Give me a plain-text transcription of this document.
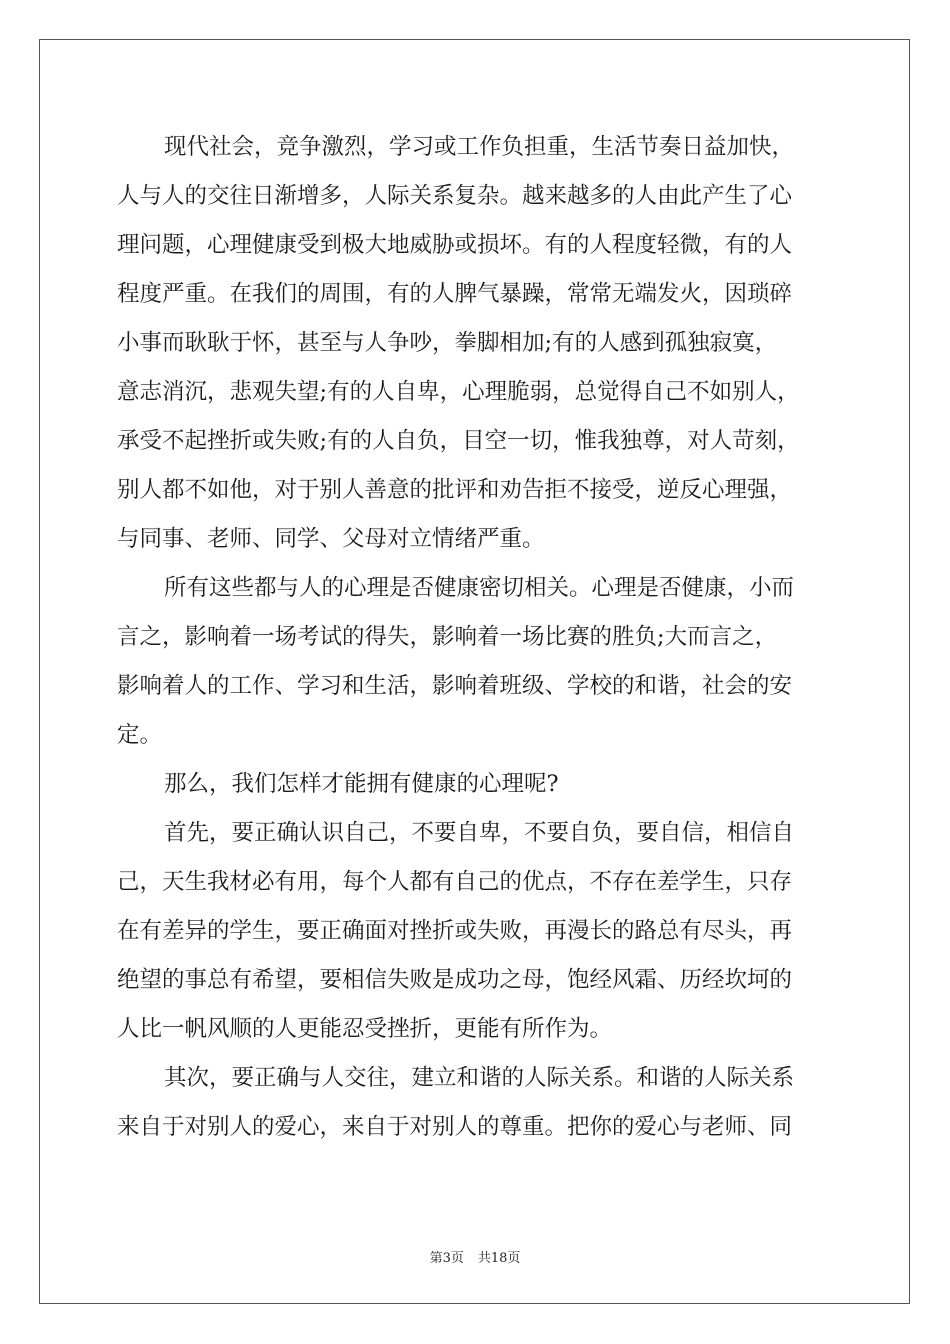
现代社会，竞争激烈，学习或工作负担重，生活节奏日益加快，
人与人的交往日渐增多，人际关系复杂。越来越多的人由此产生了心
理问题，心理健康受到极大地威胁或损坏。有的人程度轻微，有的人
程度严重。在我们的周围，有的人脾气暴躁，常常无端发火，因琐碎
小事而耿耿于怀，甚至与人争吵，拳脚相加;有的人感到孤独寂寞，
意志消沉，悲观失望;有的人自卑，心理脆弱，总觉得自己不如别人，
承受不起挫折或失败;有的人自负，目空一切，惟我独尊，对人苛刻，
别人都不如他，对于别人善意的批评和劝告拒不接受，逆反心理强，
与同事、老师、同学、父母对立情绪严重。
所有这些都与人的心理是否健康密切相关。心理是否健康，小而
言之，影响着一场考试的得失，影响着一场比赛的胜负;大而言之，
影响着人的工作、学习和生活，影响着班级、学校的和谐，社会的安
定。
那么，我们怎样才能拥有健康的心理呢?
首先，要正确认识自己，不要自卑，不要自负，要自信，相信自
己，天生我材必有用，每个人都有自己的优点，不存在差学生，只存
在有差异的学生，要正确面对挫折或失败，再漫长的路总有尽头，再
绝望的事总有希望，要相信失败是成功之母，饱经风霜、历经坎坷的
人比一帆风顺的人更能忍受挫折，更能有所作为。
其次，要正确与人交往，建立和谐的人际关系。和谐的人际关系
来自于对别人的爱心，来自于对别人的尊重。把你的爱心与老师、同
第3页 共18页
